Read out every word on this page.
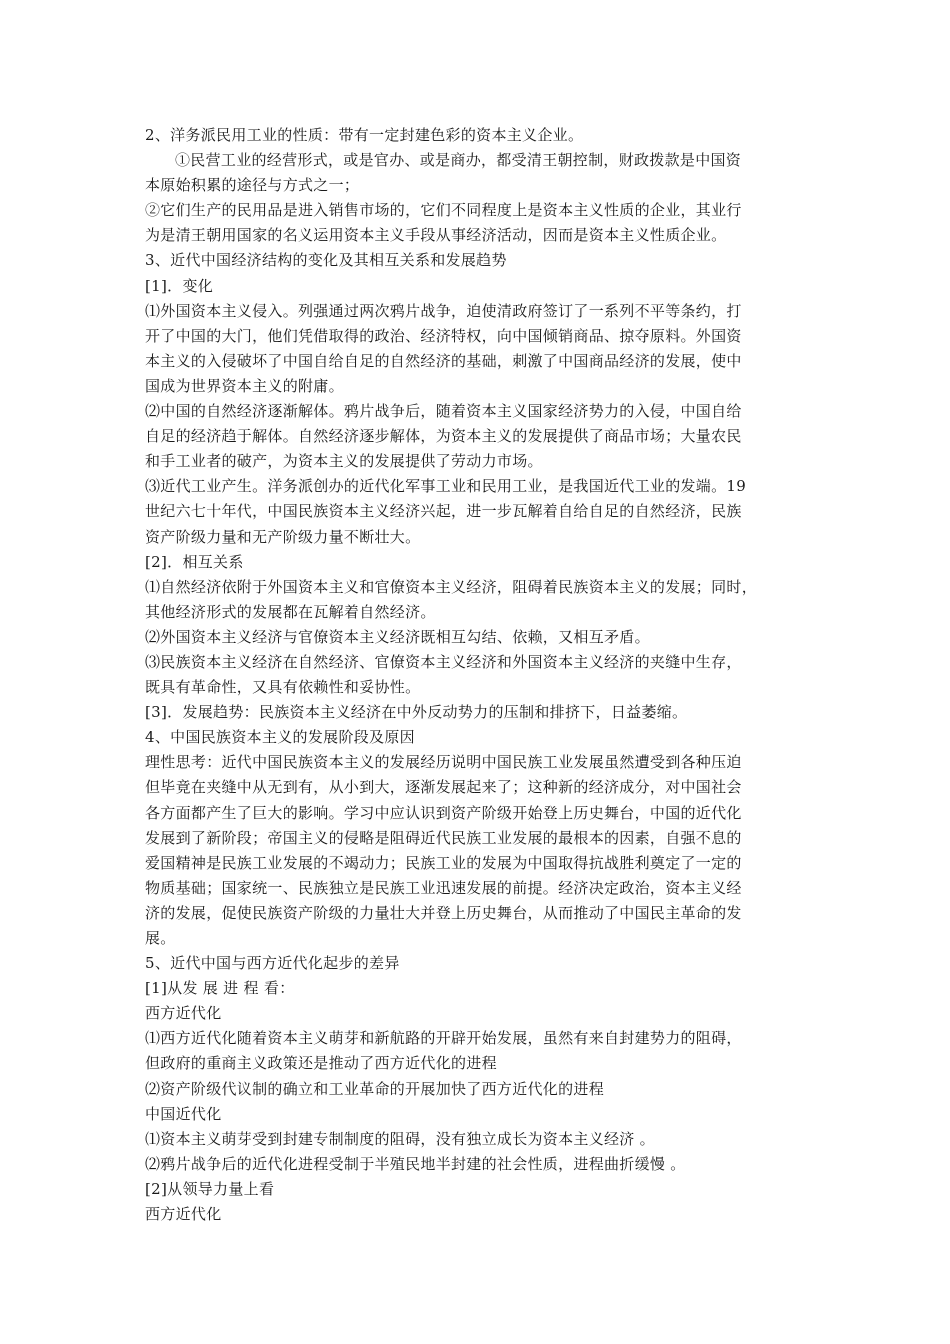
2、洋务派民用工业的性质：带有一定封建色彩的资本主义企业。
①民营工业的经营形式，或是官办、或是商办，都受清王朝控制，财政拨款是中国资
本原始积累的途径与方式之一；
②它们生产的民用品是进入销售市场的，它们不同程度上是资本主义性质的企业，其业行
为是清王朝用国家的名义运用资本主义手段从事经济活动，因而是资本主义性质企业。
3、近代中国经济结构的变化及其相互关系和发展趋势
[1]．变化
⑴外国资本主义侵入。列强通过两次鸦片战争，迫使清政府签订了一系列不平等条约，打
开了中国的大门，他们凭借取得的政治、经济特权，向中国倾销商品、掠夺原料。外国资
本主义的入侵破坏了中国自给自足的自然经济的基础，刺激了中国商品经济的发展，使中
国成为世界资本主义的附庸。
⑵中国的自然经济逐渐解体。鸦片战争后，随着资本主义国家经济势力的入侵，中国自给
自足的经济趋于解体。自然经济逐步解体，为资本主义的发展提供了商品市场；大量农民
和手工业者的破产，为资本主义的发展提供了劳动力市场。
⑶近代工业产生。洋务派创办的近代化军事工业和民用工业，是我国近代工业的发端。19
世纪六七十年代，中国民族资本主义经济兴起，进一步瓦解着自给自足的自然经济，民族
资产阶级力量和无产阶级力量不断壮大。
[2]．相互关系
⑴自然经济依附于外国资本主义和官僚资本主义经济，阻碍着民族资本主义的发展；同时，
其他经济形式的发展都在瓦解着自然经济。
⑵外国资本主义经济与官僚资本主义经济既相互勾结、依赖，又相互矛盾。
⑶民族资本主义经济在自然经济、官僚资本主义经济和外国资本主义经济的夹缝中生存，
既具有革命性，又具有依赖性和妥协性。
[3]．发展趋势：民族资本主义经济在中外反动势力的压制和排挤下，日益萎缩。
4、中国民族资本主义的发展阶段及原因
理性思考：近代中国民族资本主义的发展经历说明中国民族工业发展虽然遭受到各种压迫
但毕竟在夹缝中从无到有，从小到大，逐渐发展起来了；这种新的经济成分，对中国社会
各方面都产生了巨大的影响。学习中应认识到资产阶级开始登上历史舞台，中国的近代化
发展到了新阶段；帝国主义的侵略是阻碍近代民族工业发展的最根本的因素，自强不息的
爱国精神是民族工业发展的不竭动力；民族工业的发展为中国取得抗战胜利奠定了一定的
物质基础；国家统一、民族独立是民族工业迅速发展的前提。经济决定政治，资本主义经
济的发展，促使民族资产阶级的力量壮大并登上历史舞台，从而推动了中国民主革命的发
展。
5、近代中国与西方近代化起步的差异
[1]从发 展 进 程 看：
西方近代化
⑴西方近代化随着资本主义萌芽和新航路的开辟开始发展，虽然有来自封建势力的阻碍，
但政府的重商主义政策还是推动了西方近代化的进程
⑵资产阶级代议制的确立和工业革命的开展加快了西方近代化的进程
中国近代化
⑴资本主义萌芽受到封建专制制度的阻碍，没有独立成长为资本主义经济 。
⑵鸦片战争后的近代化进程受制于半殖民地半封建的社会性质，进程曲折缓慢 。
[2]从领导力量上看
西方近代化
